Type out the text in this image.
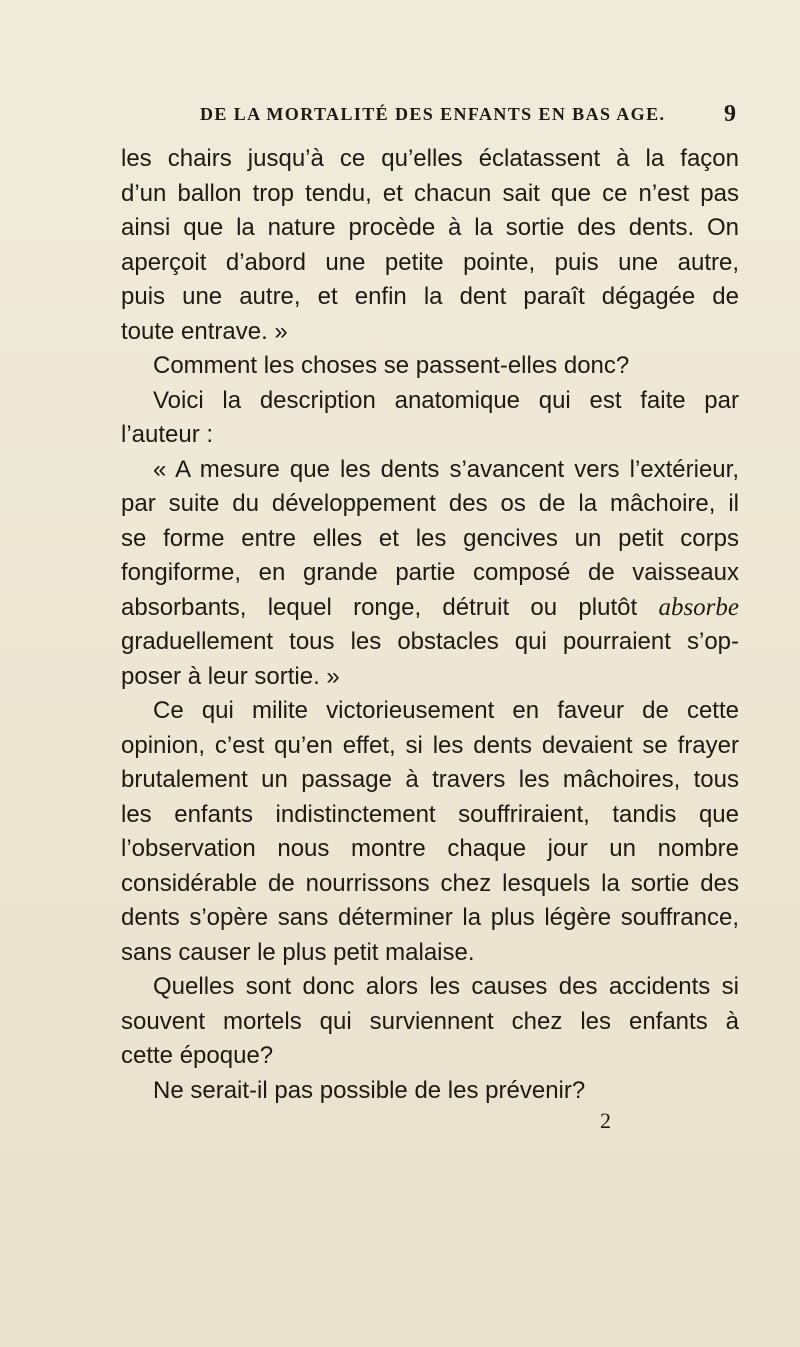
DE LA MORTALITÉ DES ENFANTS EN BAS AGE. 9
les chairs jusqu’à ce qu’elles éclatassent à la façon
d’un ballon trop tendu, et chacun sait que ce n’est pas
ainsi que la nature procède à la sortie des dents. On
aperçoit d’abord une petite pointe, puis une autre,
puis une autre, et enfin la dent paraît dégagée de
toute entrave. »
Comment les choses se passent-elles donc?
Voici la description anatomique qui est faite par
l’auteur :
« A mesure que les dents s’avancent vers l’extérieur,
par suite du développement des os de la mâchoire, il
se forme entre elles et les gencives un petit corps
fongiforme, en grande partie composé de vaisseaux
absorbants, lequel ronge, détruit ou plutôt absorbe
graduellement tous les obstacles qui pourraient s’op-
poser à leur sortie. »
Ce qui milite victorieusement en faveur de cette
opinion, c’est qu’en effet, si les dents devaient se frayer
brutalement un passage à travers les mâchoires, tous
les enfants indistinctement souffriraient, tandis que
l’observation nous montre chaque jour un nombre
considérable de nourrissons chez lesquels la sortie des
dents s’opère sans déterminer la plus légère souffrance,
sans causer le plus petit malaise.
Quelles sont donc alors les causes des accidents si
souvent mortels qui surviennent chez les enfants à
cette époque?
Ne serait-il pas possible de les prévenir?
2
